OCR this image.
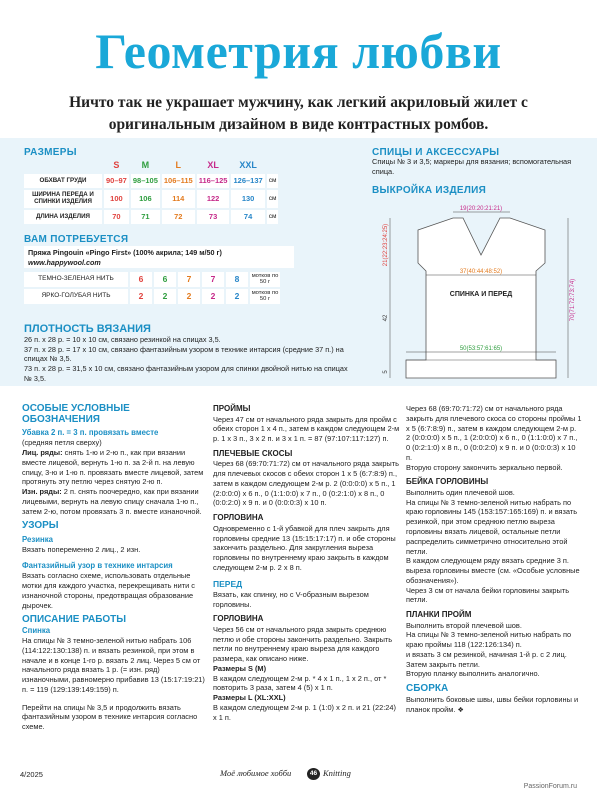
Геометрия любви
Ничто так не украшает мужчину, как легкий акриловый жилет с оригинальным дизайном в виде контрастных ромбов.
РАЗМЕРЫ
	S	M	L	XL	XXL	
ОБХВАТ ГРУДИ	90–97	98–105	106–115	116–125	126–137	см
ШИРИНА ПЕРЕДА И СПИНКИ ИЗДЕЛИЯ	100	106	114	122	130	см
ДЛИНА ИЗДЕЛИЯ	70	71	72	73	74	см
ВАМ ПОТРЕБУЕТСЯ
Пряжа Pingouin «Pingo First» (100% акрила; 149 м/50 г)
www.happywool.com
ТЕМНО-ЗЕЛЕНАЯ НИТЬ	6	6	7	7	8	мотков по 50 г
ЯРКО-ГОЛУБАЯ НИТЬ	2	2	2	2	2	мотков по 50 г
ПЛОТНОСТЬ ВЯЗАНИЯ
26 п. х 28 р. = 10 х 10 см, связано резинкой на спицах 3,5.
37 п. х 28 р. = 17 х 10 см, связано фантазийным узором в технике интарсия (средние 37 п.) на спицах № 3,5.
73 п. х 28 р. = 31,5 х 10 см, связано фантазийным узором для спинки двойной нитью на спицах № 3,5.
СПИЦЫ И АКСЕССУАРЫ
Спицы № 3 и 3,5; маркеры для вязания; вспомогательная спица.
ВЫКРОЙКА ИЗДЕЛИЯ
19(20:20:21:21)
37(40:44:48:52)
50(53:57:61:65)
СПИНКА И ПЕРЕД
21(22:23:24:25)
42
5
70(71:72:73:74)
ОСОБЫЕ УСЛОВНЫЕ ОБОЗНАЧЕНИЯ
Убавка 2 п. = 3 п. провязать вместе

(средняя петля сверху)

Лиц. ряды: снять 1-ю и 2-ю п., как при вязании вместе лицевой, вернуть 1-ю п. за 2-й п. на левую спицу, 3-ю и 1-ю п. провязать вместе лицевой, затем протянуть эту петлю через снятую 2-ю п.

Изн. ряды: 2 п. снять поочередно, как при вязании лицевыми, вернуть на левую спицу сначала 1-ю п., затем 2-ю, потом провязать 3 п. вместе изнаночной.

УЗОРЫ
Резинка

Вязать попеременно 2 лиц., 2 изн.

Фантазийный узор в технике интарсия

Вязать согласно схеме, использовать отдельные мотки для каждого участка, перекрещивать нити с изнаночной стороны, предотвращая образование дырочек.

ОПИСАНИЕ РАБОТЫ
Спинка

На спицы № 3 темно-зеленой нитью набрать 106 (114:122:130:138) п. и вязать резинкой, при этом в начале и в конце 1-го р. вязать 2 лиц. Через 5 см от начального ряда вязать 1 р. (= изн. ряд) изнаночными, равномерно прибавив 13 (15:17:19:21) п. = 119 (129:139:149:159) п.

Перейти на спицы № 3,5 и продолжить вязать фантазийным узором в технике интарсия согласно схеме.

ПРОЙМЫ

Через 47 см от начального ряда закрыть для пройм с обеих сторон 1 х 4 п., затем в каждом следующем 2-м р. 1 х 3 п., 3 х 2 п. и 3 х 1 п. = 87 (97:107:117:127) п.

ПЛЕЧЕВЫЕ СКОСЫ

Через 68 (69:70:71:72) см от начального ряда закрыть для плечевых скосов с обеих сторон 1 х 5 (6:7:8:9) п., затем в каждом следующем 2-м р. 2 (0:0:0:0) х 5 п., 1 (2:0:0:0) х 6 п., 0 (1:1:0:0) х 7 п., 0 (0:2:1:0) х 8 п., 0 (0:0:2:0) х 9 п. и 0 (0:0:0:3) х 10 п.

ГОРЛОВИНА

Одновременно с 1-й убавкой для плеч закрыть для горловины средние 13 (15:15:17:17) п. и обе стороны закончить раздельно. Для закругления выреза горловины по внутреннему краю закрыть в каждом следующем 2-м р. 2 х 8 п.

ПЕРЕД

Вязать, как спинку, но с V-образным вырезом горловины.

ГОРЛОВИНА

Через 56 см от начального ряда закрыть среднюю петлю и обе стороны закончить раздельно. Закрыть петли по внутреннему краю выреза для каждого размера, как описано ниже.

Размеры S (M)

В каждом следующем 2-м р. * 4 х 1 п., 1 х 2 п., от * повторить 3 раза, затем 4 (5) х 1 п.

Размеры L (XL:XXL)

В каждом следующем 2-м р. 1 (1:0) х 2 п. и 21 (22:24) х 1 п.

Через 68 (69:70:71:72) см от начального ряда закрыть для плечевого скоса со стороны проймы 1 х 5 (6:7:8:9) п., затем в каждом следующем 2-м р. 2 (0:0:0:0) х 5 п., 1 (2:0:0:0) х 6 п., 0 (1:1:0:0) х 7 п., 0 (0:2:1:0) х 8 п., 0 (0:0:2:0) х 9 п. и 0 (0:0:0:3) х 10 п.

Вторую сторону закончить зеркально первой.

БЕЙКА ГОРЛОВИНЫ

Выполнить один плечевой шов.

На спицы № 3 темно-зеленой нитью набрать по краю горловины 145 (153:157:165:169) п. и вязать резинкой, при этом среднюю петлю выреза горловины вязать лицевой, остальные петли распределить симметрично относительно этой петли.

В каждом следующем ряду вязать средние 3 п. выреза горловины вместе (см. «Особые условные обозначения»).

Через 3 см от начала бейки горловины закрыть петли.

ПЛАНКИ ПРОЙМ

Выполнить второй плечевой шов.

На спицы № 3 темно-зеленой нитью набрать по краю проймы 118 (122:126:134) п.

и вязать 3 см резинкой, начиная 1-й р. с 2 лиц.

Затем закрыть петли.

Вторую планку выполнить аналогично.

СБОРКА

Выполнить боковые швы, швы бейки горловины и планок пройм. ❖

4/2025	Моё любимое хобби	46 Knitting
PassionForum.ru
